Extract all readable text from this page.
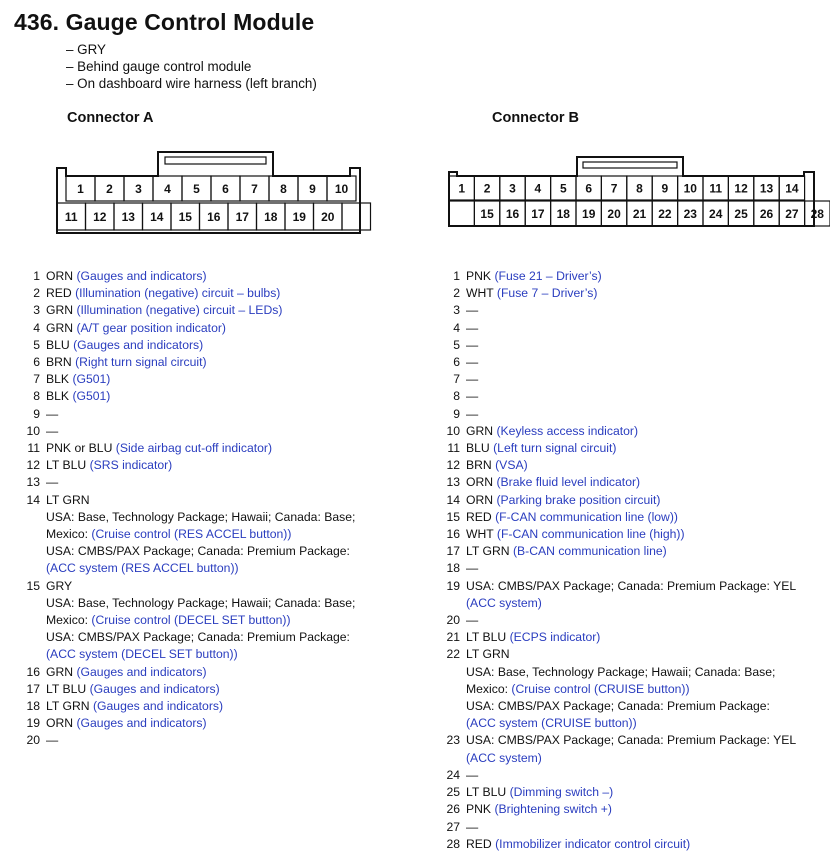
436. Gauge Control Module
– GRY
– Behind gauge control module
– On dashboard wire harness (left branch)
Connector A	Connector B
1 2 3 4 5 6 7 8 9 10
11 12 13 14 15 16 17 18 19 20
1 2 3 4 5 6 7 8 9 10 11 12 13 14
15 16 17 18 19 20 21 22 23 24 25 26 27 28
1 ORN (Gauges and indicators)
2 RED (Illumination (negative) circuit – bulbs)
3 GRN (Illumination (negative) circuit – LEDs)
4 GRN (A/T gear position indicator)
5 BLU (Gauges and indicators)
6 BRN (Right turn signal circuit)
7 BLK (G501)
8 BLK (G501)
9 —
10 —
11 PNK or BLU (Side airbag cut-off indicator)
12 LT BLU (SRS indicator)
13 —
14 LT GRN
USA: Base, Technology Package; Hawaii; Canada: Base;
Mexico: (Cruise control (RES ACCEL button))
USA: CMBS/PAX Package; Canada: Premium Package:
(ACC system (RES ACCEL button))
15 GRY
USA: Base, Technology Package; Hawaii; Canada: Base;
Mexico: (Cruise control (DECEL SET button))
USA: CMBS/PAX Package; Canada: Premium Package:
(ACC system (DECEL SET button))
16 GRN (Gauges and indicators)
17 LT BLU (Gauges and indicators)
18 LT GRN (Gauges and indicators)
19 ORN (Gauges and indicators)
20 —
1 PNK (Fuse 21 – Driver’s)
2 WHT (Fuse 7 – Driver’s)
3 —
4 —
5 —
6 —
7 —
8 —
9 —
10 GRN (Keyless access indicator)
11 BLU (Left turn signal circuit)
12 BRN (VSA)
13 ORN (Brake fluid level indicator)
14 ORN (Parking brake position circuit)
15 RED (F-CAN communication line (low))
16 WHT (F-CAN communication line (high))
17 LT GRN (B-CAN communication line)
18 —
19 USA: CMBS/PAX Package; Canada: Premium Package: YEL
(ACC system)
20 —
21 LT BLU (ECPS indicator)
22 LT GRN
USA: Base, Technology Package; Hawaii; Canada: Base;
Mexico: (Cruise control (CRUISE button))
USA: CMBS/PAX Package; Canada: Premium Package:
(ACC system (CRUISE button))
23 USA: CMBS/PAX Package; Canada: Premium Package: YEL
(ACC system)
24 —
25 LT BLU (Dimming switch –)
26 PNK (Brightening switch +)
27 —
28 RED (Immobilizer indicator control circuit)
